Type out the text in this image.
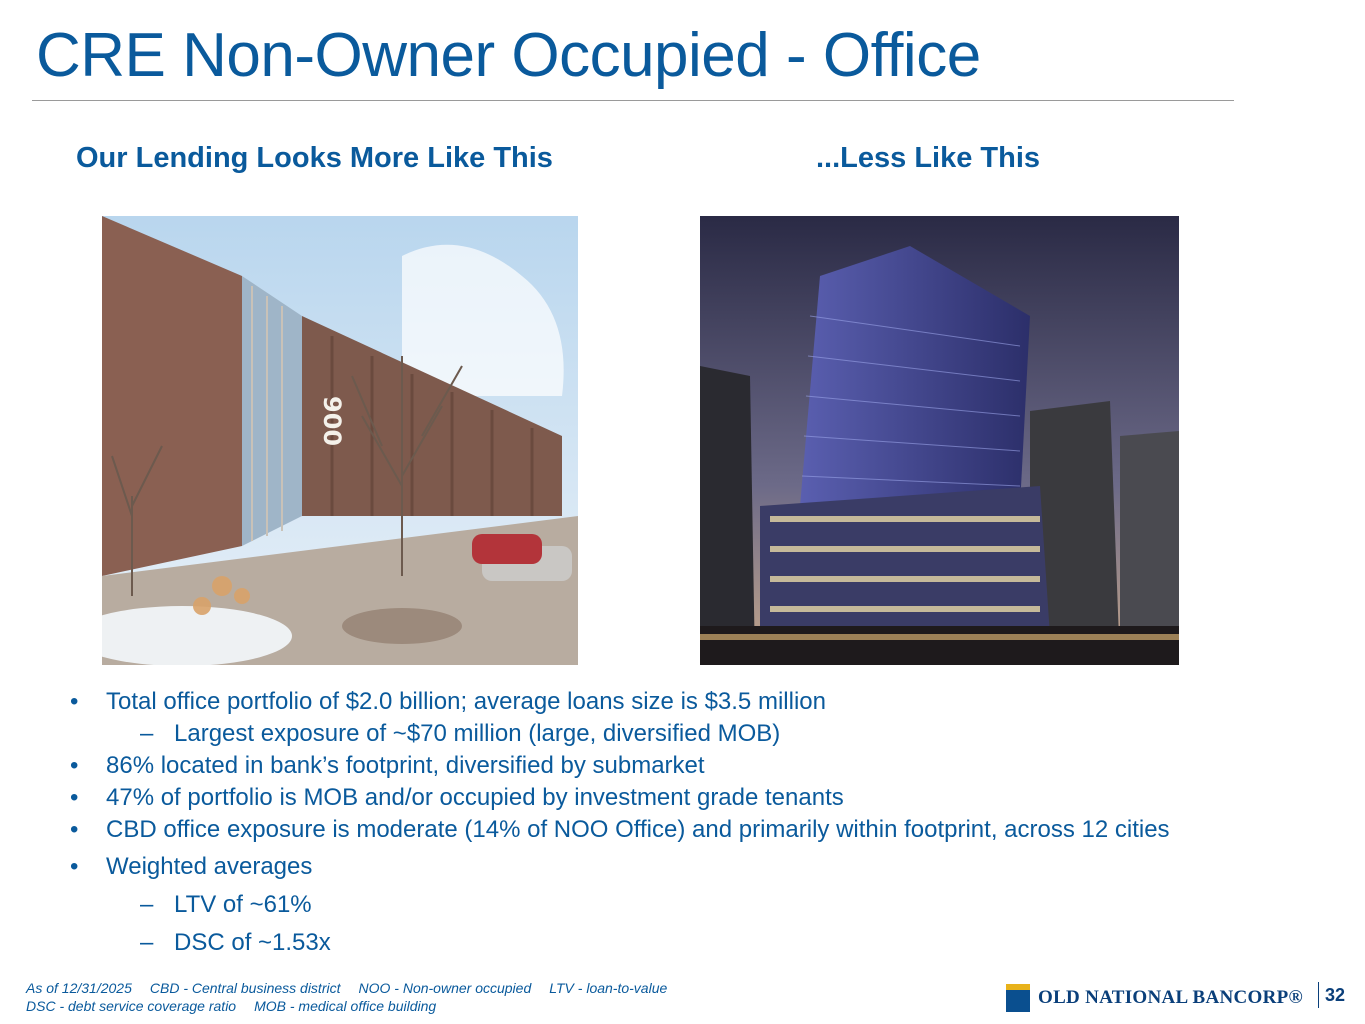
CRE Non-Owner Occupied - Office
Our Lending Looks More Like This	...Less Like This
900
•	Total office portfolio of $2.0 billion; average loans size is $3.5 million
– Largest exposure of ~$70 million (large, diversified MOB)
•	86% located in bank’s footprint, diversified by submarket
•	47% of portfolio is MOB and/or occupied by investment grade tenants
•	CBD office exposure is moderate (14% of NOO Office) and primarily within footprint, across 12 cities
•	Weighted averages
– LTV of ~61%
– DSC of ~1.53x
As of 12/31/2025 CBD - Central business district NOO - Non-owner occupied LTV - loan-to-value
DSC - debt service coverage ratio MOB - medical office building	OLD NATIONAL BANCORP® 32
